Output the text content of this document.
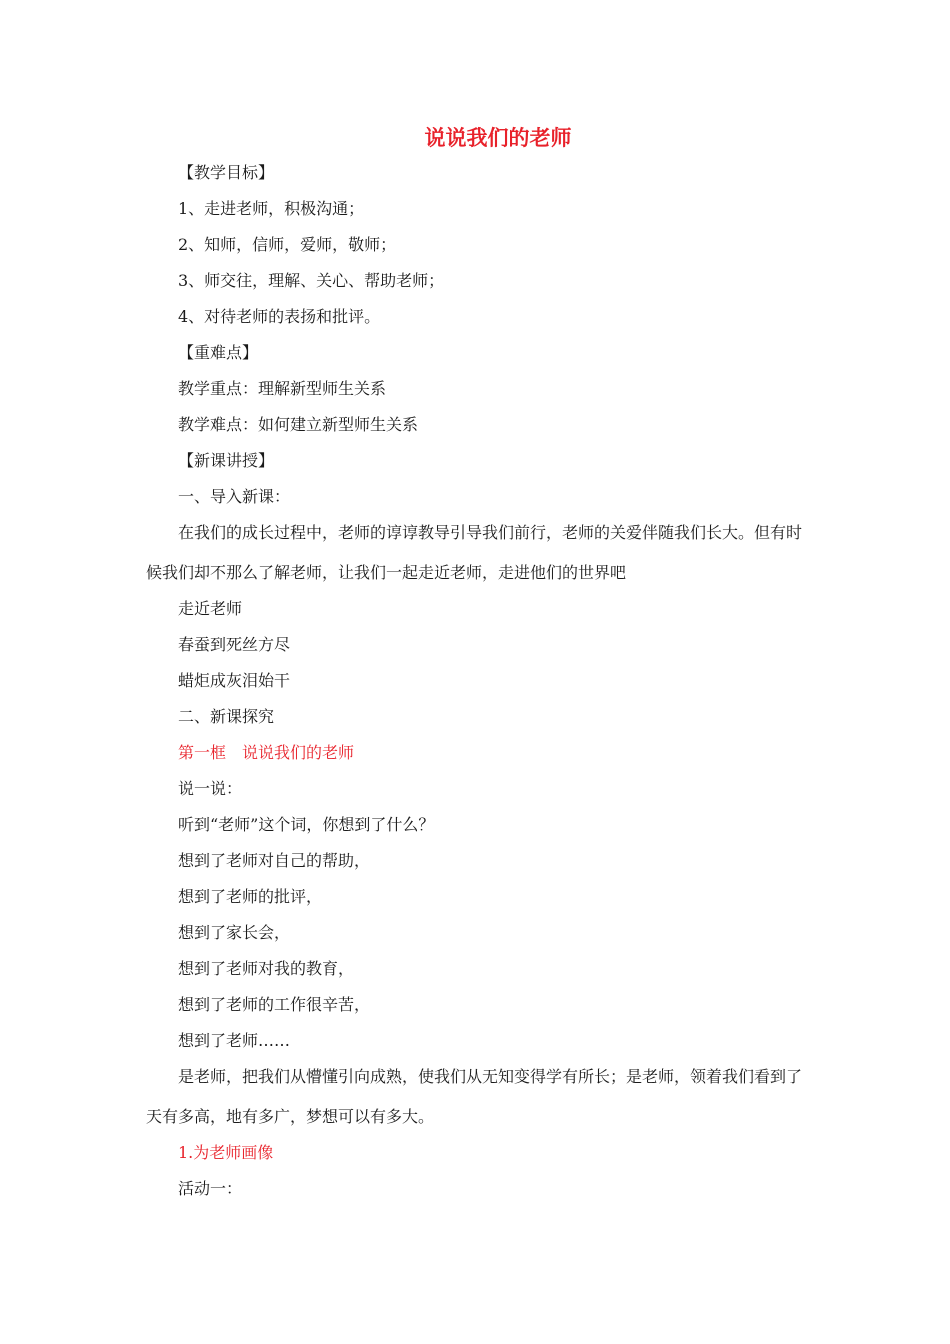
说说我们的老师
【教学目标】
1、走进老师，积极沟通；
2、知师，信师，爱师，敬师；
3、师交往，理解、关心、帮助老师；
4、对待老师的表扬和批评。
【重难点】
教学重点：理解新型师生关系
教学难点：如何建立新型师生关系
【新课讲授】
一、导入新课：
在我们的成长过程中，老师的谆谆教导引导我们前行，老师的关爱伴随我们长大。但有时候我们却不那么了解老师，让我们一起走近老师，走进他们的世界吧
走近老师
春蚕到死丝方尽
蜡炬成灰泪始干
二、新课探究
第一框　说说我们的老师
说一说：
听到“老师”这个词，你想到了什么？
想到了老师对自己的帮助，
想到了老师的批评，
想到了家长会，
想到了老师对我的教育，
想到了老师的工作很辛苦，
想到了老师……
是老师，把我们从懵懂引向成熟，使我们从无知变得学有所长；是老师，领着我们看到了天有多高，地有多广，梦想可以有多大。
1.为老师画像
活动一：
